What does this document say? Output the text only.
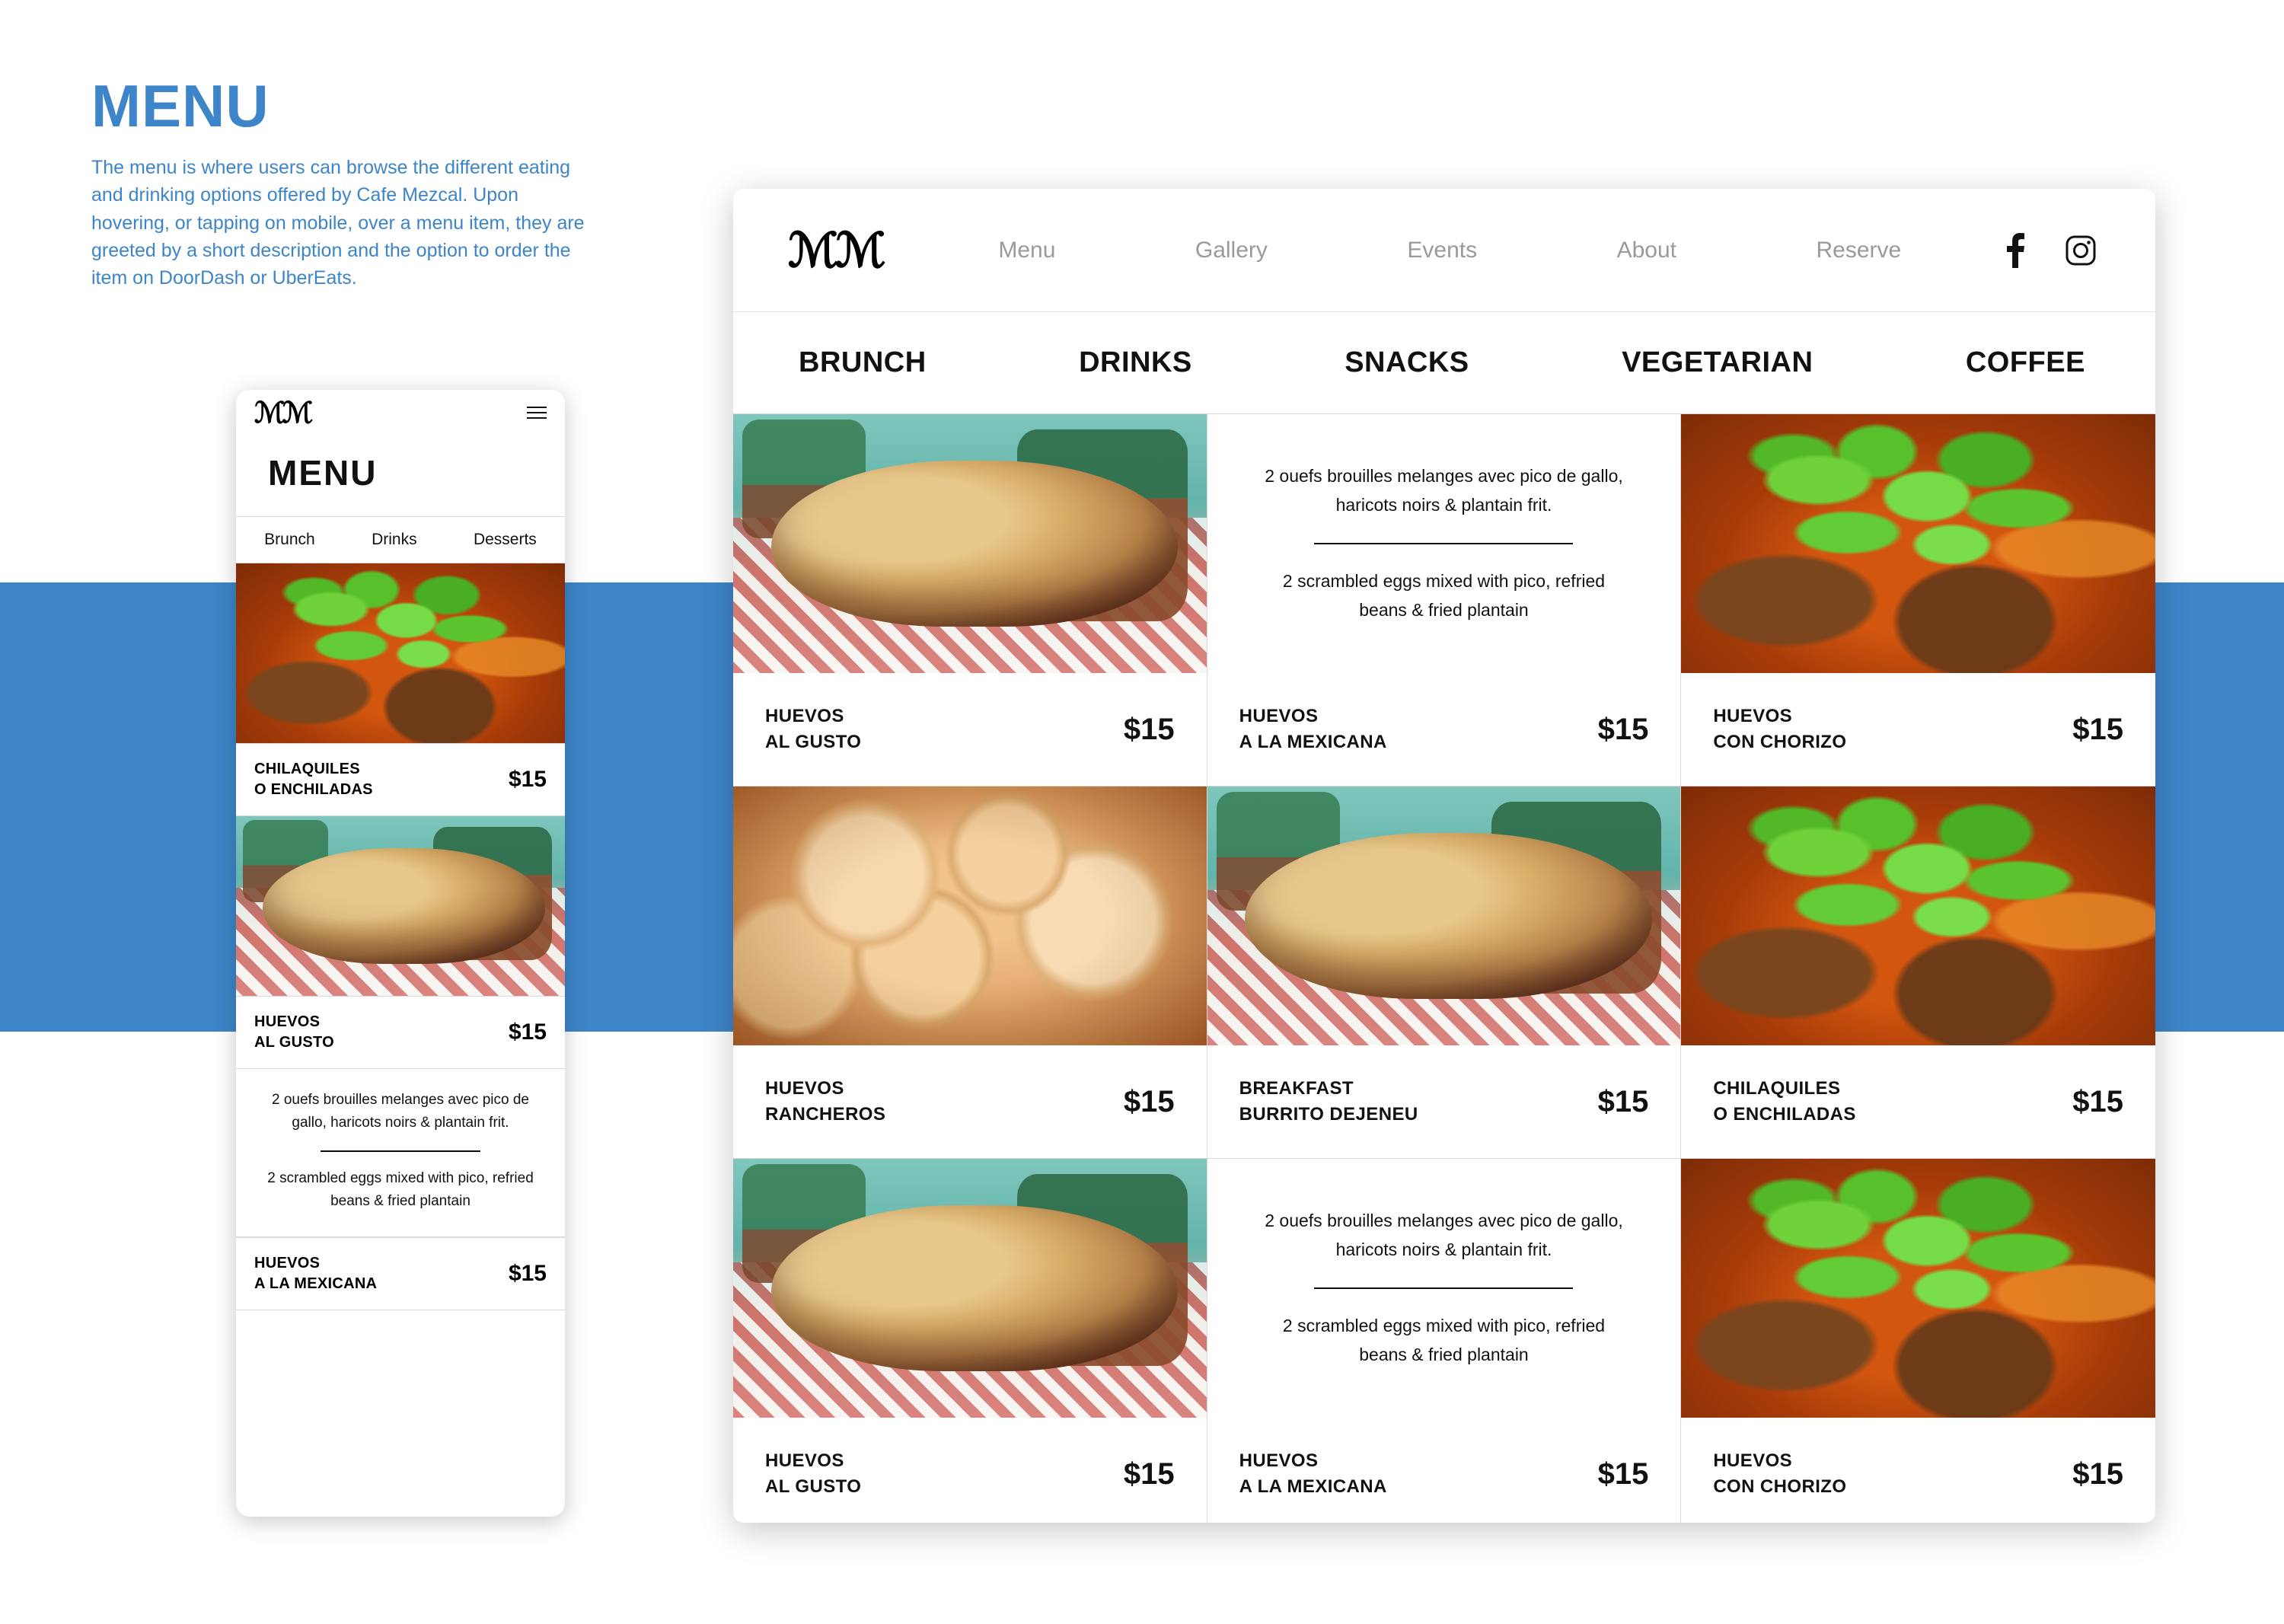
MENU

The menu is where users can browse the different eating and drinking options offered by Cafe Mezcal. Upon hovering, or tapping on mobile, over a menu item, they are greeted by a short description and the option to order the item on DoorDash or UberEats.

ℳℳ
MENU
Brunch	Drinks	Desserts
CHILAQUILES
O ENCHILADAS	$15
HUEVOS
AL GUSTO	$15
2 ouefs brouilles melanges avec pico de gallo, haricots noirs & plantain frit.
2 scrambled eggs mixed with pico, refried beans & fried plantain
HUEVOS
A LA MEXICANA	$15
ℳℳ	Menu	Gallery	Events	About	Reserve
BRUNCH	DRINKS	SNACKS	VEGETARIAN	COFFEE
HUEVOS
AL GUSTO	$15
2 ouefs brouilles melanges avec pico de gallo, haricots noirs & plantain frit.
2 scrambled eggs mixed with pico, refried beans & fried plantain
HUEVOS
A LA MEXICANA	$15	HUEVOS
CON CHORIZO	$15
HUEVOS
RANCHEROS	$15	BREAKFAST
BURRITO DEJENEU	$15	CHILAQUILES
O ENCHILADAS	$15
HUEVOS
AL GUSTO	$15
2 ouefs brouilles melanges avec pico de gallo, haricots noirs & plantain frit.
2 scrambled eggs mixed with pico, refried beans & fried plantain
HUEVOS
A LA MEXICANA	$15	HUEVOS
CON CHORIZO	$15
